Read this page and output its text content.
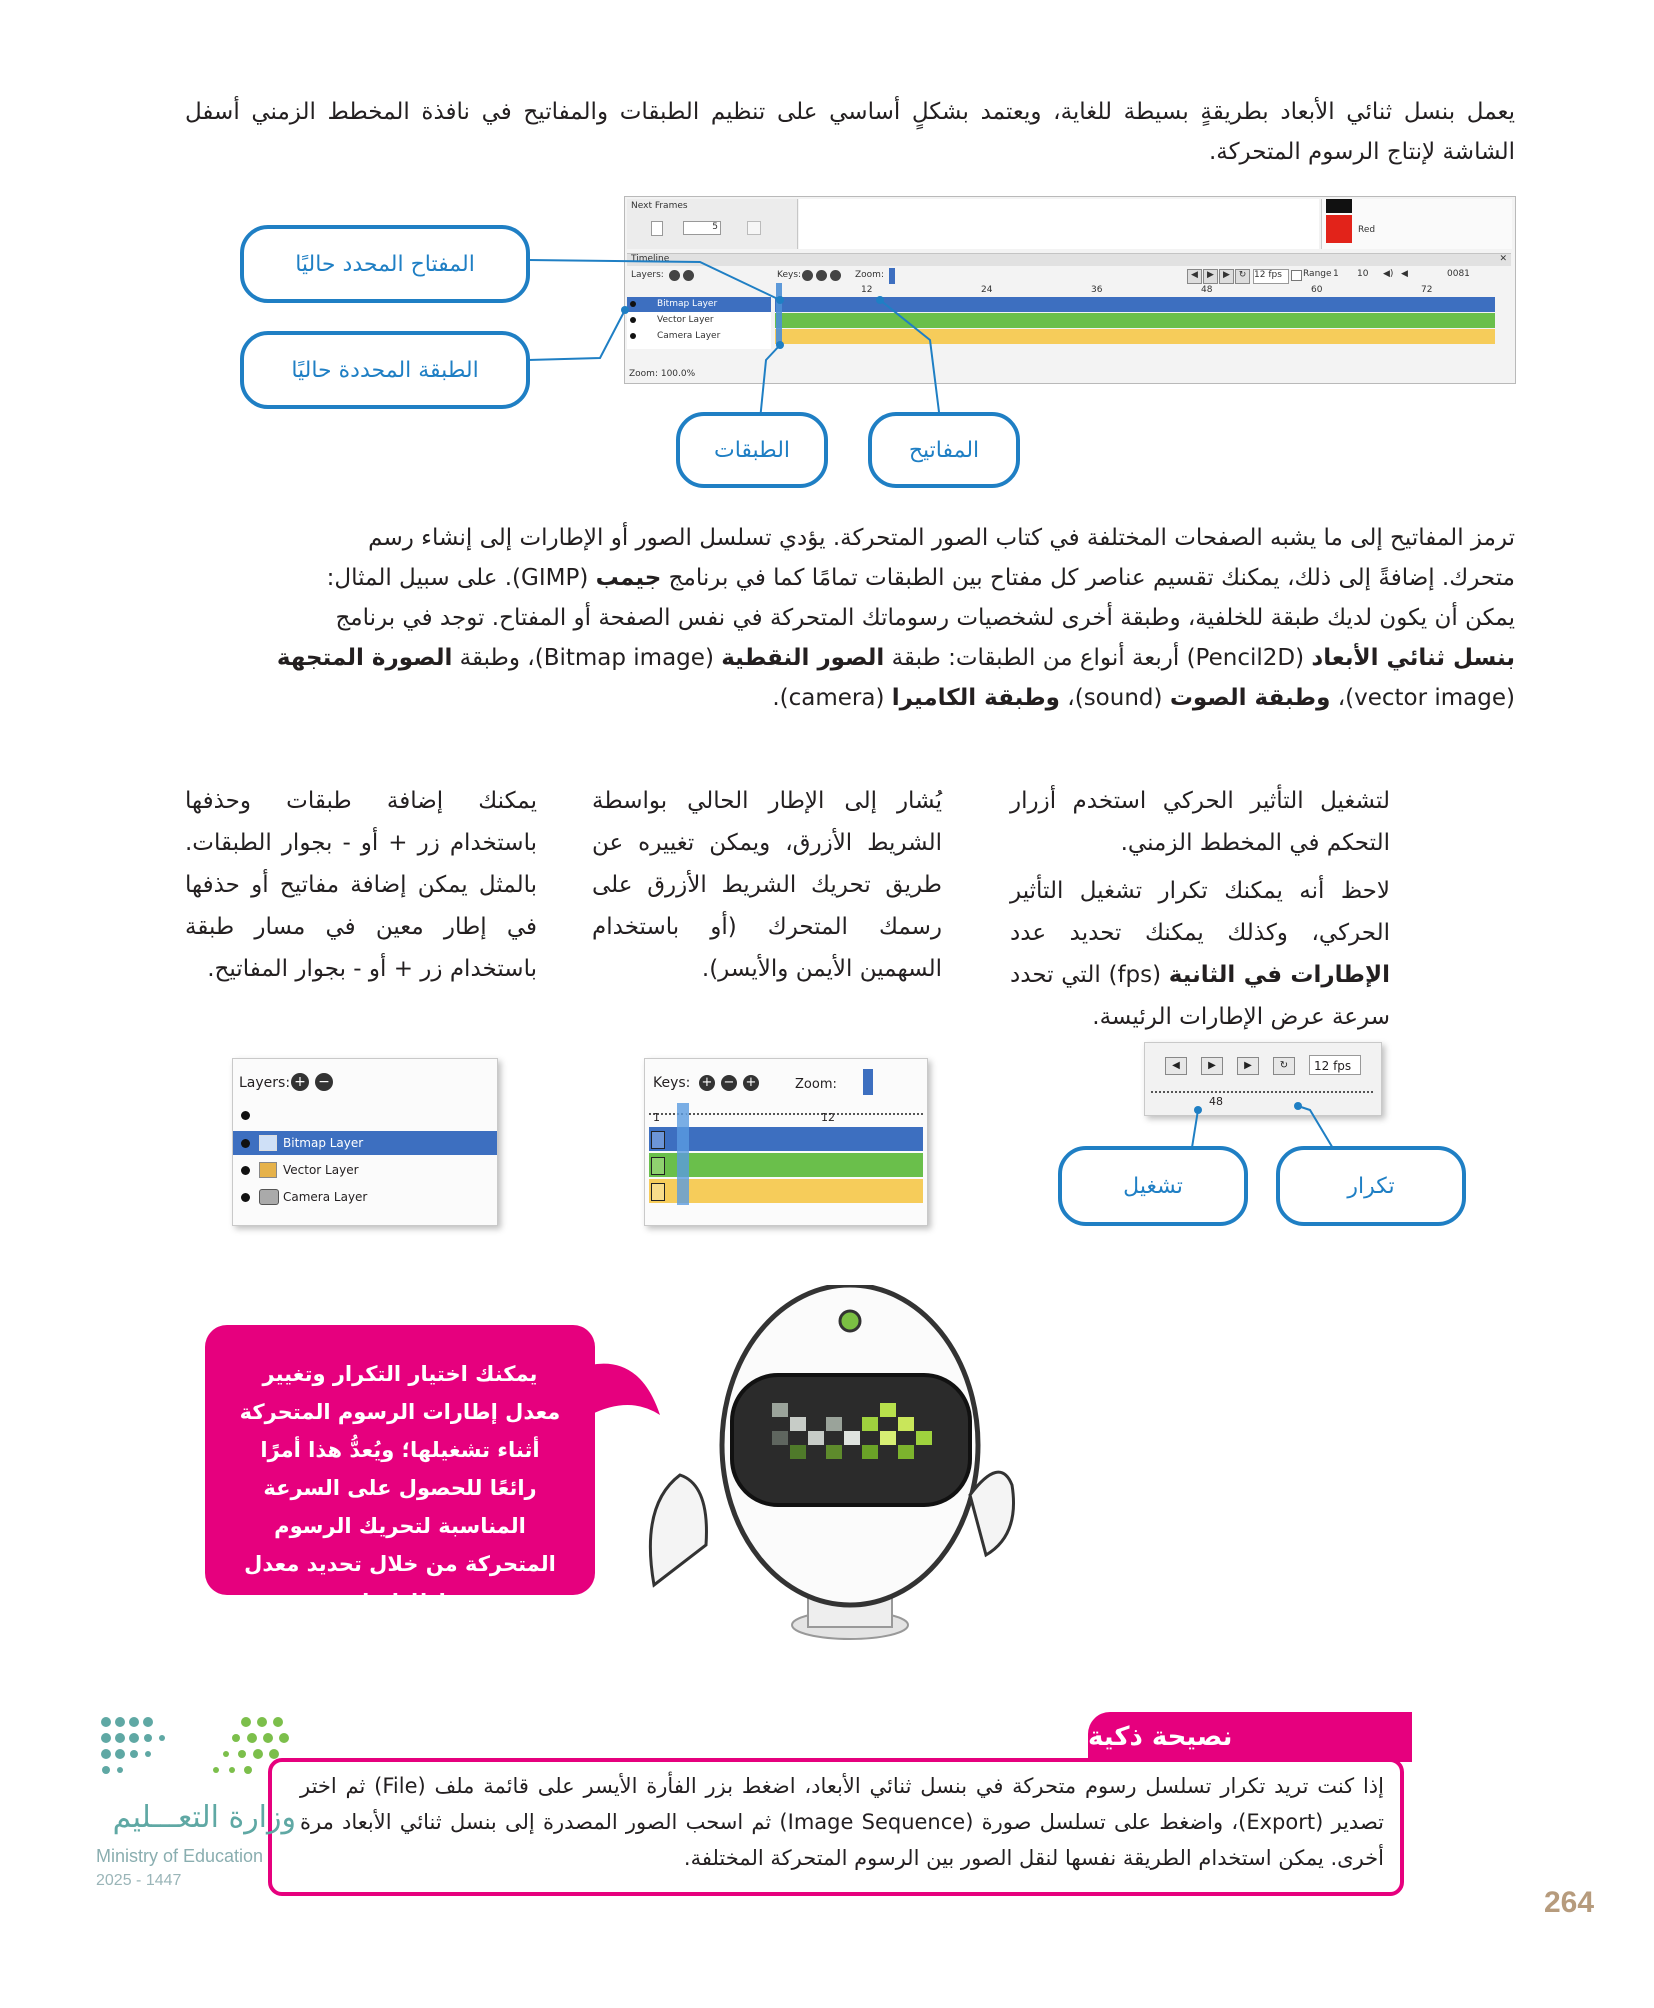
يعمل بنسل ثنائي الأبعاد بطريقةٍ بسيطة للغاية، ويعتمد بشكلٍ أساسي على تنظيم الطبقات والمفاتيح في نافذة المخطط الزمني أسفل الشاشة لإنتاج الرسوم المتحركة.
Next Frames
5	Red
Timeline	✕
Layers:	Keys:	Zoom:	◀	▶	▶ ↻ 12 fps	Range 1 10 ◀) ◀	0081
12	24	36	48	60	72
Bitmap Layer
Vector Layer
Camera Layer
Zoom: 100.0%
المفتاح المحدد حاليًا
الطبقة المحددة حاليًا
الطبقات	المفاتيح
ترمز المفاتيح إلى ما يشبه الصفحات المختلفة في كتاب الصور المتحركة. يؤدي تسلسل الصور أو الإطارات إلى إنشاء رسم
متحرك. إضافةً إلى ذلك، يمكنك تقسيم عناصر كل مفتاح بين الطبقات تمامًا كما في برنامج جيمب (GIMP). على سبيل المثال:
يمكن أن يكون لديك طبقة للخلفية، وطبقة أخرى لشخصيات رسوماتك المتحركة في نفس الصفحة أو المفتاح. توجد في برنامج
بنسل ثنائي الأبعاد (Pencil2D) أربعة أنواع من الطبقات: طبقة الصور النقطية (Bitmap image)، وطبقة الصورة المتجهة
(vector image)، وطبقة الصوت (sound)، وطبقة الكاميرا (camera).
لتشغيل التأثير الحركي استخدم أزرار التحكم في المخطط الزمني.
لاحظ أنه يمكنك تكرار تشغيل التأثير الحركي، وكذلك يمكنك تحديد عدد الإطارات في الثانية (fps) التي تحدد سرعة عرض الإطارات الرئيسة.
يُشار إلى الإطار الحالي بواسطة الشريط الأزرق، ويمكن تغييره عن طريق تحريك الشريط الأزرق على رسمك المتحرك (أو باستخدام السهمين الأيمن والأيسر).
يمكنك إضافة طبقات وحذفها باستخدام زر + أو - بجوار الطبقات. بالمثل يمكن إضافة مفاتيح أو حذفها في إطار معين في مسار طبقة باستخدام زر + أو - بجوار المفاتيح.
◀	▶	▶	↻	12 fps
48
تشغيل	تكرار
Keys: + − +	Zoom:
1	12
Layers: + −
Bitmap Layer
Vector Layer
Camera Layer
يمكنك اختيار التكرار وتغيير معدل إطارات الرسوم المتحركة أثناء تشغيلها؛ ويُعدُّ هذا أمرًا رائعًا للحصول على السرعة المناسبة لتحريك الرسوم المتحركة من خلال تحديد معدل إطاراتها.
نصيحة ذكية
إذا كنت تريد تكرار تسلسل رسوم متحركة في بنسل ثنائي الأبعاد، اضغط بزر الفأرة الأيسر على قائمة ملف (File) ثم اختر تصدير (Export)، واضغط على تسلسل صورة (Image Sequence) ثم اسحب الصور المصدرة إلى بنسل ثنائي الأبعاد مرة أخرى. يمكن استخدام الطريقة نفسها لنقل الصور بين الرسوم المتحركة المختلفة.
وزارة التعـــليم
Ministry of Education
2025 - 1447
264
